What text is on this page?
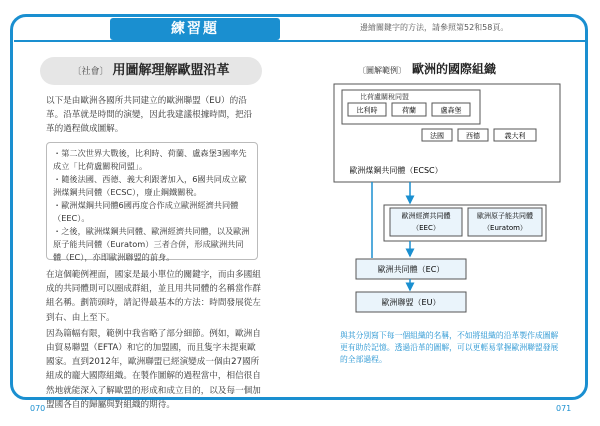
練習題	邊繪關鍵字的方法，請參照第52和58頁。
〔社會〕 用圖解理解歐盟沿革
以下是由歐洲各國所共同建立的歐洲聯盟（EU）的沿革。沿革就是時間的演變，因此我建議根據時間，把沿革的過程做成圖解。
・第二次世界大戰後，比利時、荷蘭、盧森堡3國率先成立「比荷盧關稅同盟」。
・隨後法國、西德、義大利跟著加入，6國共同成立歐洲煤鋼共同體（ECSC），廢止鋼鐵關稅。
・歐洲煤鋼共同體6國再度合作成立歐洲經濟共同體（EEC）。
・之後，歐洲煤鋼共同體、歐洲經濟共同體，以及歐洲原子能共同體（Euratom）三者合併，形成歐洲共同體（EC），亦即歐洲聯盟的前身。

在這個範例裡面，國家是最小單位的關鍵字，而由多國組成的共同體則可以圈成群組，並且用共同體的名稱當作群組名稱。劃箭頭時，請記得最基本的方法：時間發展從左到右、由上至下。

因為篇幅有限，範例中我省略了部分細節。例如，歐洲自由貿易聯盟（EFTA）和它的加盟國，而且隻字未提東歐國家。直到2012年，歐洲聯盟已經演變成一個由27國所組成的龐大國際組織。在製作圖解的過程當中，相信很自然地就能深入了解歐盟的形成和成立目的，以及每一個加盟國各自的歸屬與對組織的期待。

070
〔圖解範例〕 歐洲的國際組織
比荷盧關稅同盟
比利時	荷蘭	盧森堡
法國	西德	義大利
歐洲煤鋼共同體（ECSC）
歐洲經濟共同體
（EEC）
歐洲原子能共同體
（Euratom）
歐洲共同體（EC）
歐洲聯盟（EU）
與其分別寫下每一個組織的名稱，不如將組織的沿革製作成圖解更有助於記憶。透過沿革的圖解，可以更輕易掌握歐洲聯盟發展的全部過程。
071
